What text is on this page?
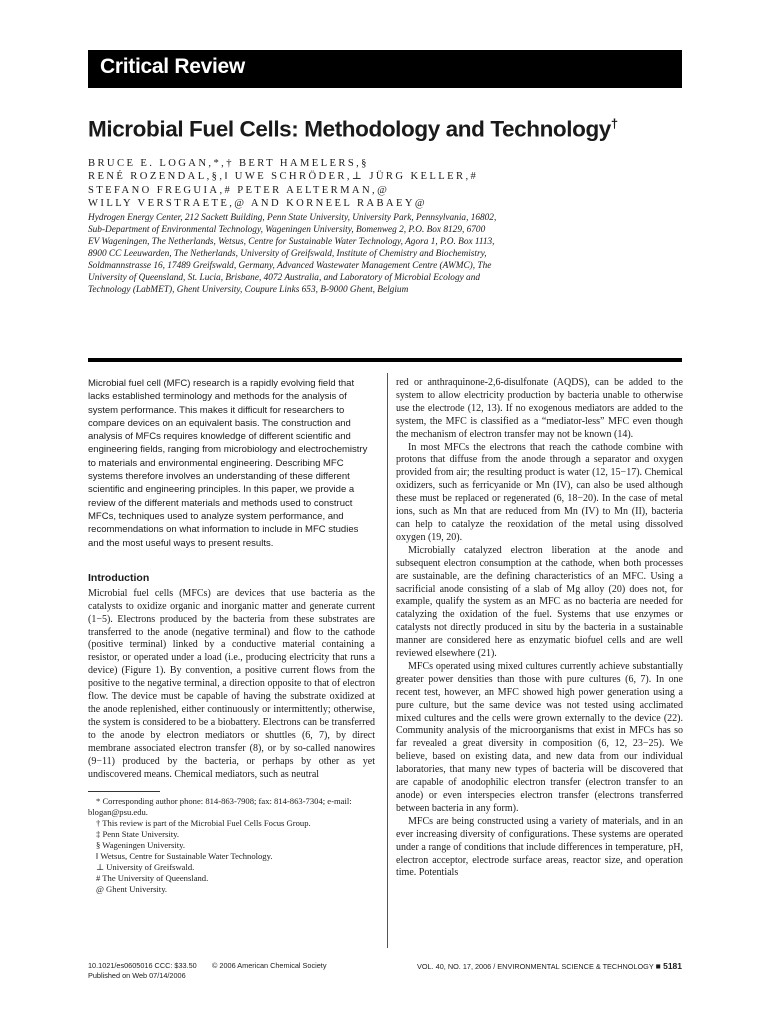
Critical Review
Microbial Fuel Cells: Methodology and Technology†
BRUCE E. LOGAN,*,† BERT HAMELERS,§
RENÉ ROZENDAL,§,‖ UWE SCHRÖDER,⊥ JÜRG KELLER,#
STEFANO FREGUIA,# PETER AELTERMAN,@
WILLY VERSTRAETE,@ AND KORNEEL RABAEY@
Hydrogen Energy Center, 212 Sackett Building, Penn State University, University Park, Pennsylvania, 16802, Sub-Department of Environmental Technology, Wageningen University, Bomenweg 2, P.O. Box 8129, 6700 EV Wageningen, The Netherlands, Wetsus, Centre for Sustainable Water Technology, Agora 1, P.O. Box 1113, 8900 CC Leeuwarden, The Netherlands, University of Greifswald, Institute of Chemistry and Biochemistry, Soldmannstrasse 16, 17489 Greifswald, Germany, Advanced Wastewater Management Centre (AWMC), The University of Queensland, St. Lucia, Brisbane, 4072 Australia, and Laboratory of Microbial Ecology and Technology (LabMET), Ghent University, Coupure Links 653, B-9000 Ghent, Belgium

Microbial fuel cell (MFC) research is a rapidly evolving field that lacks established terminology and methods for the analysis of system performance. This makes it difficult for researchers to compare devices on an equivalent basis. The construction and analysis of MFCs requires knowledge of different scientific and engineering fields, ranging from microbiology and electrochemistry to materials and environmental engineering. Describing MFC systems therefore involves an understanding of these different scientific and engineering principles. In this paper, we provide a review of the different materials and methods used to construct MFCs, techniques used to analyze system performance, and recommendations on what information to include in MFC studies and the most useful ways to present results.

Introduction

Microbial fuel cells (MFCs) are devices that use bacteria as the catalysts to oxidize organic and inorganic matter and generate current (1−5). Electrons produced by the bacteria from these substrates are transferred to the anode (negative terminal) and flow to the cathode (positive terminal) linked by a conductive material containing a resistor, or operated under a load (i.e., producing electricity that runs a device) (Figure 1). By convention, a positive current flows from the positive to the negative terminal, a direction opposite to that of electron flow. The device must be capable of having the substrate oxidized at the anode replenished, either continuously or intermittently; otherwise, the system is considered to be a biobattery. Electrons can be transferred to the anode by electron mediators or shuttles (6, 7), by direct membrane associated electron transfer (8), or by so-called nanowires (9−11) produced by the bacteria, or perhaps by other as yet undiscovered means. Chemical mediators, such as neutral

* Corresponding author phone: 814-863-7908; fax: 814-863-7304; e-mail: blogan@psu.edu.

† This review is part of the Microbial Fuel Cells Focus Group.

‡ Penn State University.

§ Wageningen University.

‖ Wetsus, Centre for Sustainable Water Technology.

⊥ University of Greifswald.

# The University of Queensland.

@ Ghent University.

red or anthraquinone-2,6-disulfonate (AQDS), can be added to the system to allow electricity production by bacteria unable to otherwise use the electrode (12, 13). If no exogenous mediators are added to the system, the MFC is classified as a “mediator-less” MFC even though the mechanism of electron transfer may not be known (14).

In most MFCs the electrons that reach the cathode combine with protons that diffuse from the anode through a separator and oxygen provided from air; the resulting product is water (12, 15−17). Chemical oxidizers, such as ferricyanide or Mn (IV), can also be used although these must be replaced or regenerated (6, 18−20). In the case of metal ions, such as Mn that are reduced from Mn (IV) to Mn (II), bacteria can help to catalyze the reoxidation of the metal using dissolved oxygen (19, 20).

Microbially catalyzed electron liberation at the anode and subsequent electron consumption at the cathode, when both processes are sustainable, are the defining characteristics of an MFC. Using a sacrificial anode consisting of a slab of Mg alloy (20) does not, for example, qualify the system as an MFC as no bacteria are needed for catalyzing the oxidation of the fuel. Systems that use enzymes or catalysts not directly produced in situ by the bacteria in a sustainable manner are considered here as enzymatic biofuel cells and are well reviewed elsewhere (21).

MFCs operated using mixed cultures currently achieve substantially greater power densities than those with pure cultures (6, 7). In one recent test, however, an MFC showed high power generation using a pure culture, but the same device was not tested using acclimated mixed cultures and the cells were grown externally to the device (22). Community analysis of the microorganisms that exist in MFCs has so far revealed a great diversity in composition (6, 12, 23−25). We believe, based on existing data, and new data from our individual laboratories, that many new types of bacteria will be discovered that are capable of anodophilic electron transfer (electron transfer to an anode) or even interspecies electron transfer (electrons transferred between bacteria in any form).

MFCs are being constructed using a variety of materials, and in an ever increasing diversity of configurations. These systems are operated under a range of conditions that include differences in temperature, pH, electron acceptor, electrode surface areas, reactor size, and operation time. Potentials

10.1021/es0605016 CCC: $33.50	© 2006 American Chemical Society
Published on Web 07/14/2006
VOL. 40, NO. 17, 2006 / ENVIRONMENTAL SCIENCE & TECHNOLOGY ■ 5181
